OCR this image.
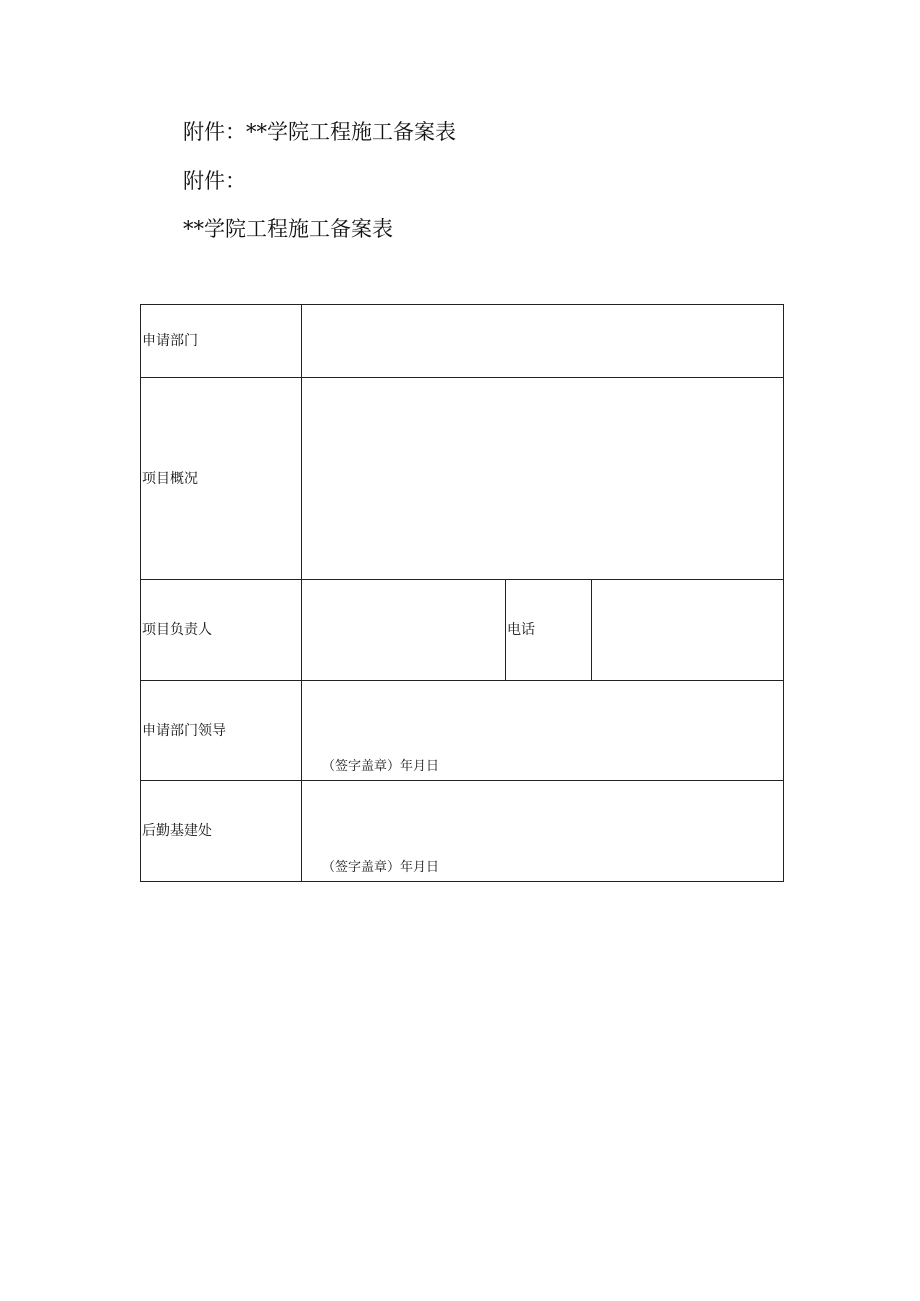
附件：**学院工程施工备案表
附件：
**学院工程施工备案表
申请部门			
项目概况			
项目负责人		电话	
申请部门领导	（签字盖章）年月日		

后勤基建处	（签字盖章）年月日		
